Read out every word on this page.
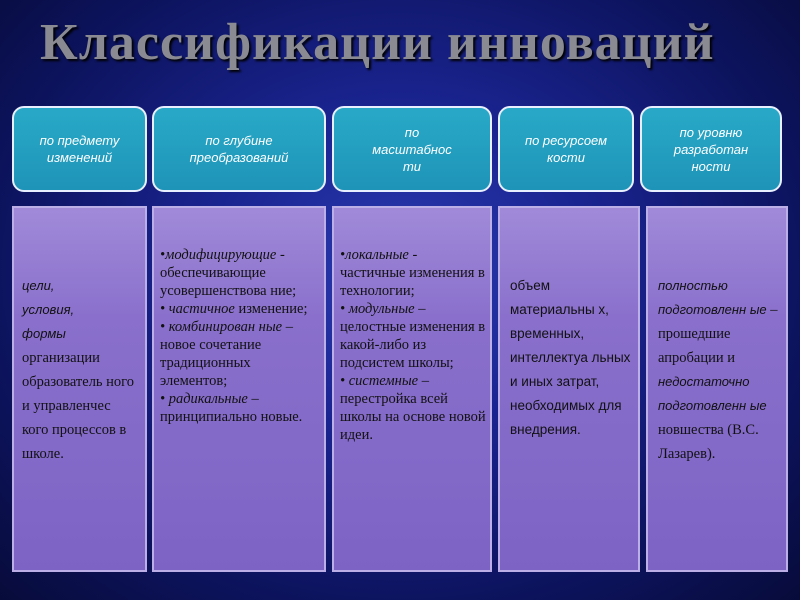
Классификации инноваций
по предмету
изменений
по глубине
преобразований
по
масштабнос
ти
по ресурсоем
кости
по уровню
разработан
ности
цели,
условия,
формы организации образователь ного и управленчес кого процессов в школе.
•модифицирующие - обеспечивающие усовершенствова ние;
• частичное изменение;
• комбинирован ные – новое сочетание традиционных элементов;
• радикальные – принципиально новые.
•локальные - частичные изменения в технологии;
• модульные – целостные изменения в какой-либо из подсистем школы;
• системные – перестройка всей школы на основе новой идеи.
объем материальны х, временных, интеллектуа льных и иных затрат, необходимых для внедрения.
полностью подготовленн ые – прошедшие апробации и недостаточно подготовленн ые новшества (В.С. Лазарев).
